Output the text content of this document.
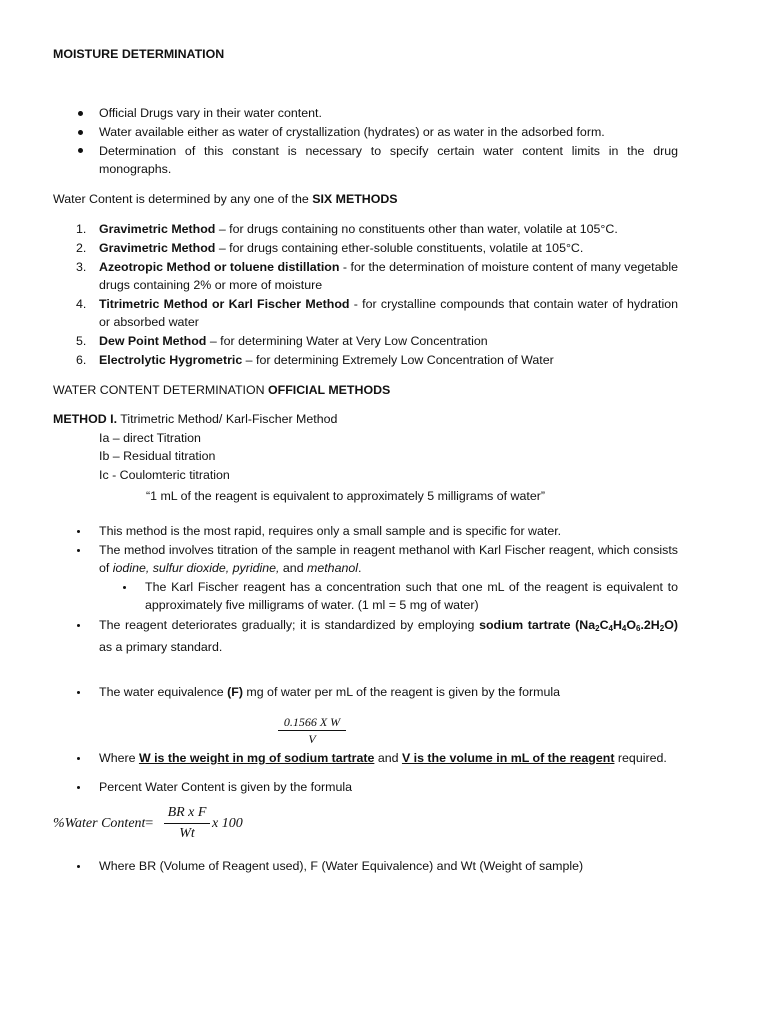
MOISTURE DETERMINATION
Official Drugs vary in their water content.
Water available either as water of crystallization (hydrates) or as water in the adsorbed form.
Determination of this constant is necessary to specify certain water content limits in the drug monographs.
Water Content is determined by any one of the SIX METHODS
1. Gravimetric Method – for drugs containing no constituents other than water, volatile at 105°C.
2. Gravimetric Method – for drugs containing ether-soluble constituents, volatile at 105°C.
3. Azeotropic Method or toluene distillation - for the determination of moisture content of many vegetable drugs containing 2% or more of moisture
4. Titrimetric Method or Karl Fischer Method - for crystalline compounds that contain water of hydration or absorbed water
5. Dew Point Method – for determining Water at Very Low Concentration
6. Electrolytic Hygrometric – for determining Extremely Low Concentration of Water
WATER CONTENT DETERMINATION OFFICIAL METHODS
METHOD I. Titrimetric Method/ Karl-Fischer Method
Ia – direct Titration
Ib – Residual titration
Ic - Coulomteric titration
“1 mL of the reagent is equivalent to approximately 5 milligrams of water”
This method is the most rapid, requires only a small sample and is specific for water.
The method involves titration of the sample in reagent methanol with Karl Fischer reagent, which consists of iodine, sulfur dioxide, pyridine, and methanol.
The Karl Fischer reagent has a concentration such that one mL of the reagent is equivalent to approximately five milligrams of water. (1 ml = 5 mg of water)
The reagent deteriorates gradually; it is standardized by employing sodium tartrate $(Na_2C_4H_4O_6.2H_2O)$ as a primary standard.
The water equivalence (F) mg of water per mL of the reagent is given by the formula
0.1566 X W
V
Where W is the weight in mg of sodium tartrate and V is the volume in mL of the reagent required.
Percent Water Content is given by the formula
%Water Content=
BR x F
Wt
x 100
Where BR (Volume of Reagent used), F (Water Equivalence) and Wt (Weight of sample)
